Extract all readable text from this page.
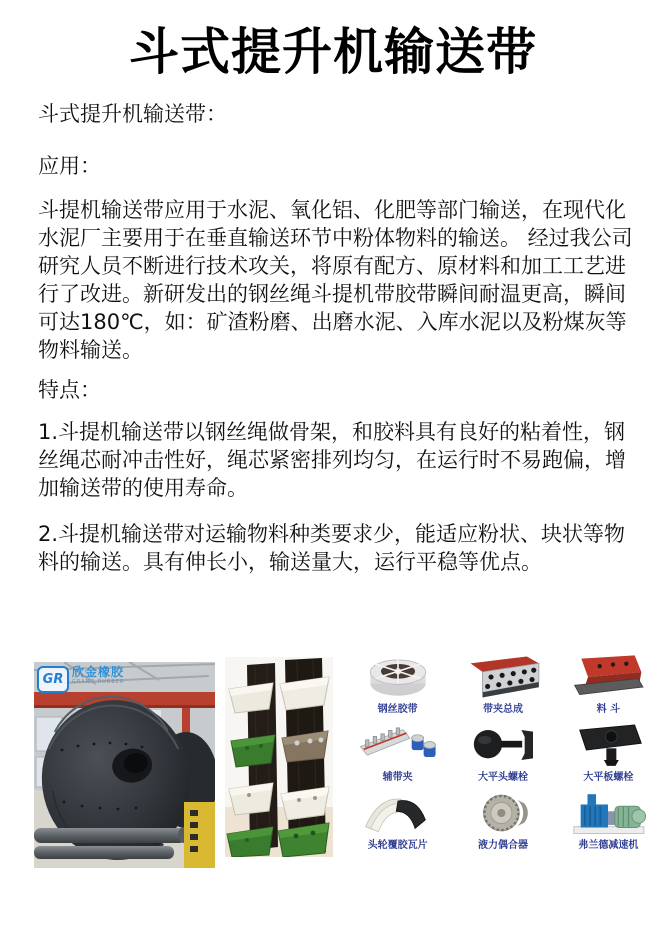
斗式提升机输送带

斗式提升机输送带：

应用：

斗提机输送带应用于水泥、氧化铝、化肥等部门输送，在现代化水泥厂主要用于在垂直输送环节中粉体物料的输送。 经过我公司研究人员不断进行技术攻关，将原有配方、原材料和加工工艺进行了改进。新研发出的钢丝绳斗提机带胶带瞬间耐温更高，瞬间可达180℃，如：矿渣粉磨、出磨水泥、入库水泥以及粉煤灰等物料输送。

特点：

1.斗提机输送带以钢丝绳做骨架，和胶料具有良好的粘着性，钢丝绳芯耐冲击性好，绳芯紧密排列均匀，在运行时不易跑偏，增加输送带的使用寿命。

2.斗提机输送带对运输物料种类要求少，能适应粉状、块状等物料的输送。具有伸长小，输送量大，运行平稳等优点。

GR 欣金橡胶
GRAND RUBBER
钢丝胶带	带夹总成	料 斗
辅带夹	大平头螺栓	大平板螺栓
头轮覆胶瓦片	液力偶合器	弗兰德减速机
